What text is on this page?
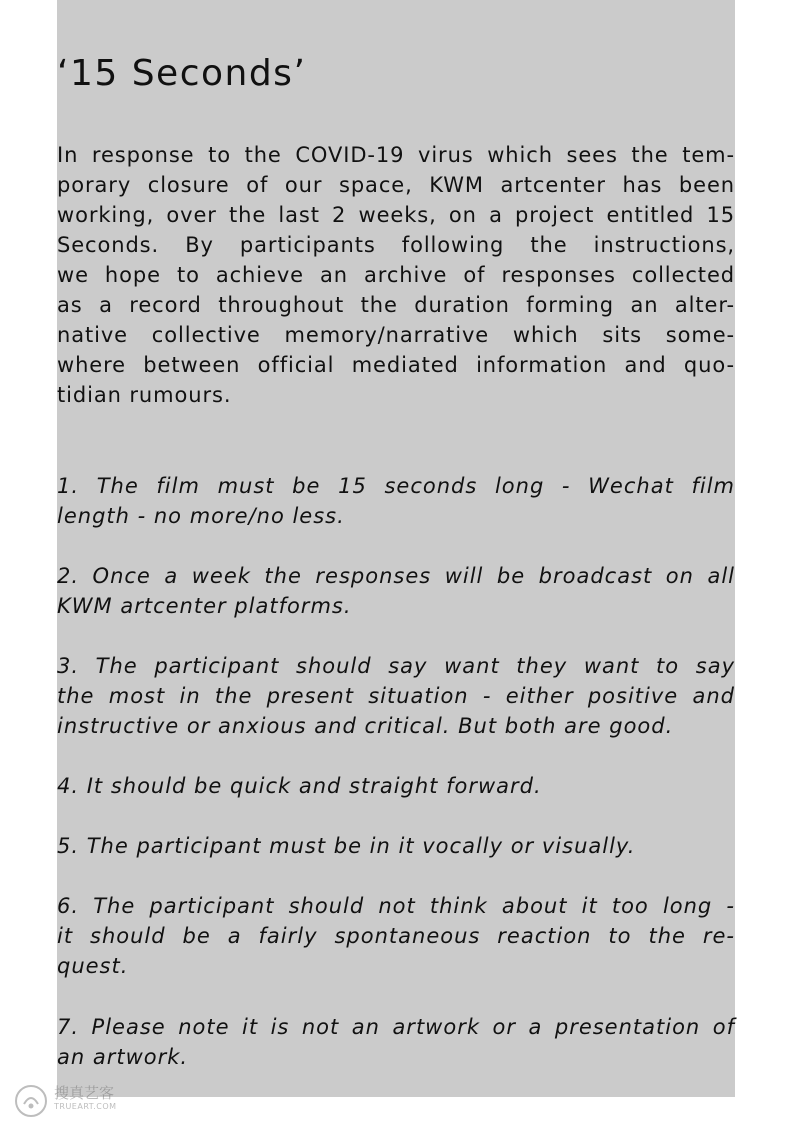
‘15 Seconds’

In response to the COVID-19 virus which sees the tem-
porary closure of our space, KWM artcenter has been
working, over the last 2 weeks, on a project entitled 15
Seconds. By participants following the instructions,
we hope to achieve an archive of responses collected
as a record throughout the duration forming an alter-
native collective memory/narrative which sits some-
where between official mediated information and quo-
tidian rumours.

1. The film must be 15 seconds long - Wechat film
length - no more/no less.

2. Once a week the responses will be broadcast on all
KWM artcenter platforms.

3. The participant should say want they want to say
the most in the present situation - either positive and
instructive or anxious and critical. But both are good.

4. It should be quick and straight forward.

5. The participant must be in it vocally or visually.

6. The participant should not think about it too long -
it should be a fairly spontaneous reaction to the re-
quest.

7. Please note it is not an artwork or a presentation of
an artwork.

搜真艺客
TRUEART.COM
